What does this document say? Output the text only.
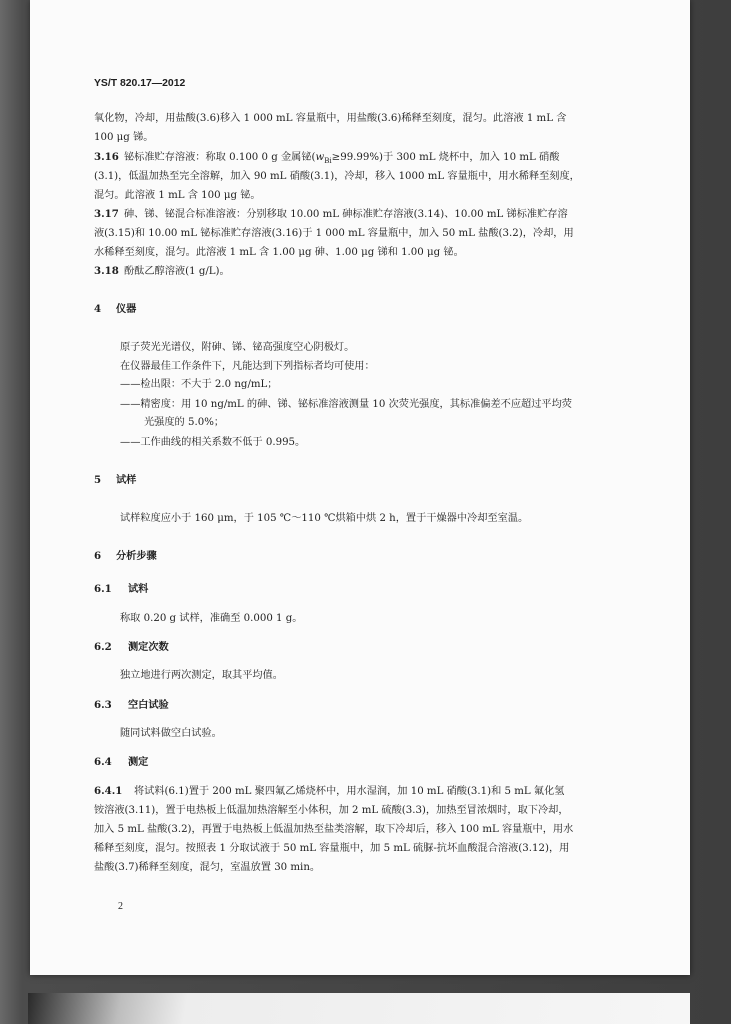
YS/T 820.17—2012
氧化物，冷却，用盐酸(3.6)移入 1 000 mL 容量瓶中，用盐酸(3.6)稀释至刻度，混匀。此溶液 1 mL 含
100 μg 锑。
3.16 铋标准贮存溶液：称取 0.100 0 g 金属铋$(w_{Bi}\ge 99.99\%)$于 300 mL 烧杯中，加入 10 mL 硝酸
(3.1)，低温加热至完全溶解，加入 90 mL 硝酸(3.1)，冷却，移入 1000 mL 容量瓶中，用水稀释至刻度，
混匀。此溶液 1 mL 含 100 μg 铋。
3.17 砷、锑、铋混合标准溶液：分别移取 10.00 mL 砷标准贮存溶液(3.14)、10.00 mL 锑标准贮存溶
液(3.15)和 10.00 mL 铋标准贮存溶液(3.16)于 1 000 mL 容量瓶中，加入 50 mL 盐酸(3.2)，冷却，用
水稀释至刻度，混匀。此溶液 1 mL 含 1.00 μg 砷、1.00 μg 锑和 1.00 μg 铋。
3.18 酚酞乙醇溶液(1 g/L)。
4 仪器
原子荧光光谱仪，附砷、锑、铋高强度空心阴极灯。
在仪器最佳工作条件下，凡能达到下列指标者均可使用：
——检出限：不大于 2.0 ng/mL；
——精密度：用 10 ng/mL 的砷、锑、铋标准溶液测量 10 次荧光强度，其标准偏差不应超过平均荧
光强度的 5.0%；
——工作曲线的相关系数不低于 0.995。
5 试样
试样粒度应小于 160 μm，于 105 ℃～110 ℃烘箱中烘 2 h，置于干燥器中冷却至室温。
6 分析步骤
6.1 试料
称取 0.20 g 试样，准确至 0.000 1 g。
6.2 测定次数
独立地进行两次测定，取其平均值。
6.3 空白试验
随同试料做空白试验。
6.4 测定
6.4.1 将试料(6.1)置于 200 mL 聚四氟乙烯烧杯中，用水湿润，加 10 mL 硝酸(3.1)和 5 mL 氟化氢
铵溶液(3.11)，置于电热板上低温加热溶解至小体积，加 2 mL 硫酸(3.3)，加热至冒浓烟时，取下冷却，
加入 5 mL 盐酸(3.2)，再置于电热板上低温加热至盐类溶解，取下冷却后，移入 100 mL 容量瓶中，用水
稀释至刻度，混匀。按照表 1 分取试液于 50 mL 容量瓶中，加 5 mL 硫脲-抗坏血酸混合溶液(3.12)，用
盐酸(3.7)稀释至刻度，混匀，室温放置 30 min。
2
